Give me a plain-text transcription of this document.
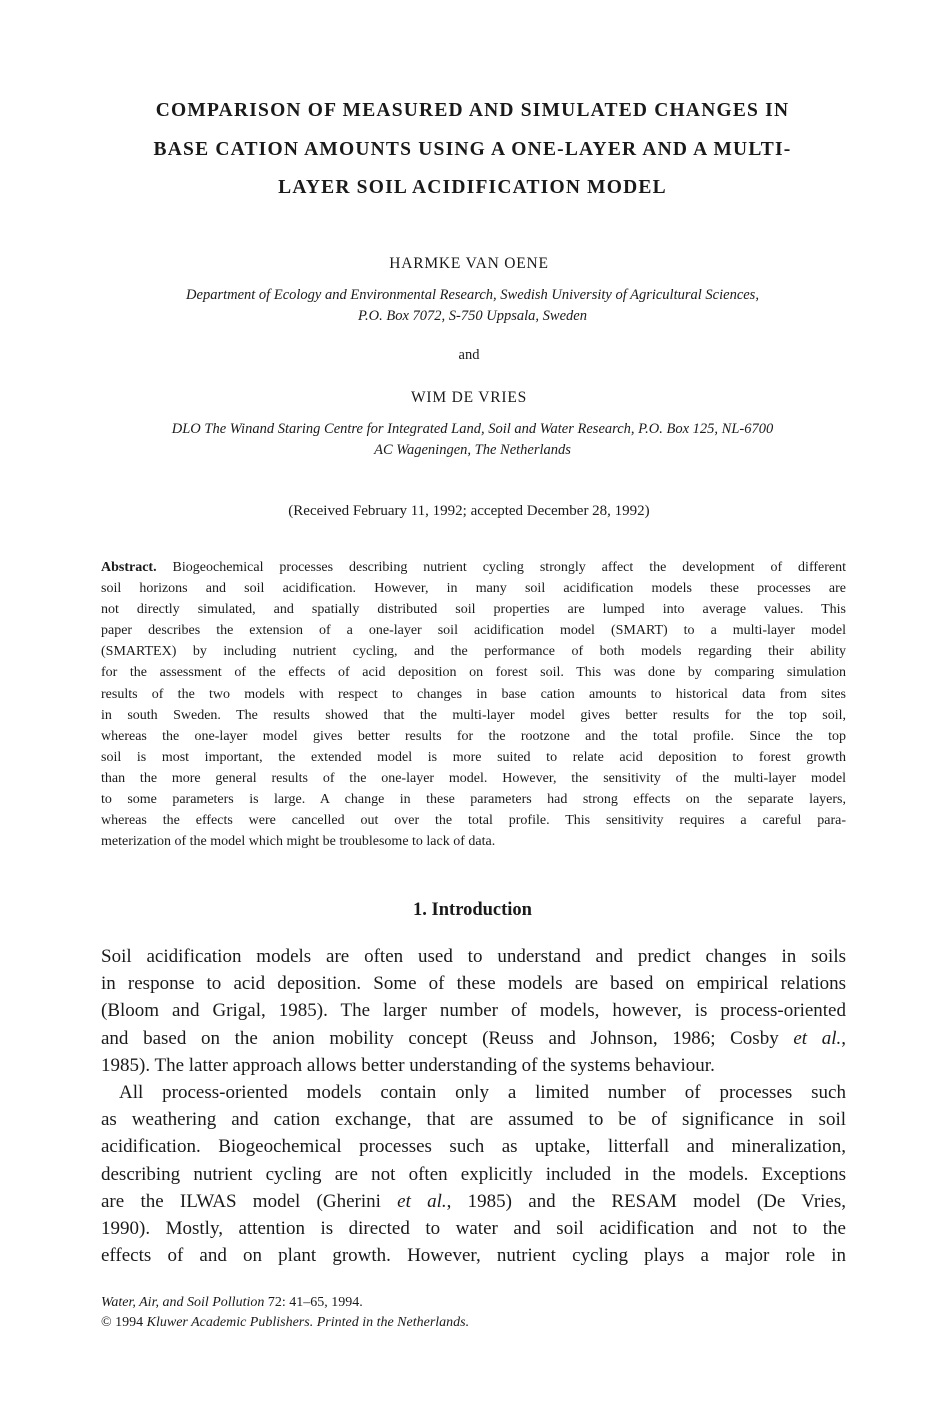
COMPARISON OF MEASURED AND SIMULATED CHANGES IN
BASE CATION AMOUNTS USING A ONE-LAYER AND A MULTI-
LAYER SOIL ACIDIFICATION MODEL
HARMKE VAN OENE
Department of Ecology and Environmental Research, Swedish University of Agricultural Sciences,
P.O. Box 7072, S-750 Uppsala, Sweden
and
WIM DE VRIES
DLO The Winand Staring Centre for Integrated Land, Soil and Water Research, P.O. Box 125, NL-6700
AC Wageningen, The Netherlands
(Received February 11, 1992; accepted December 28, 1992)
Abstract. Biogeochemical processes describing nutrient cycling strongly affect the development of different
soil horizons and soil acidification. However, in many soil acidification models these processes are
not directly simulated, and spatially distributed soil properties are lumped into average values. This
paper describes the extension of a one-layer soil acidification model (SMART) to a multi-layer model
(SMARTEX) by including nutrient cycling, and the performance of both models regarding their ability
for the assessment of the effects of acid deposition on forest soil. This was done by comparing simulation
results of the two models with respect to changes in base cation amounts to historical data from sites
in south Sweden. The results showed that the multi-layer model gives better results for the top soil,
whereas the one-layer model gives better results for the rootzone and the total profile. Since the top
soil is most important, the extended model is more suited to relate acid deposition to forest growth
than the more general results of the one-layer model. However, the sensitivity of the multi-layer model
to some parameters is large. A change in these parameters had strong effects on the separate layers,
whereas the effects were cancelled out over the total profile. This sensitivity requires a careful para-
meterization of the model which might be troublesome to lack of data.
1. Introduction
Soil acidification models are often used to understand and predict changes in soils
in response to acid deposition. Some of these models are based on empirical relations
(Bloom and Grigal, 1985). The larger number of models, however, is process-oriented
and based on the anion mobility concept (Reuss and Johnson, 1986; Cosby et al.,
1985). The latter approach allows better understanding of the systems behaviour.
All process-oriented models contain only a limited number of processes such
as weathering and cation exchange, that are assumed to be of significance in soil
acidification. Biogeochemical processes such as uptake, litterfall and mineralization,
describing nutrient cycling are not often explicitly included in the models. Exceptions
are the ILWAS model (Gherini et al., 1985) and the RESAM model (De Vries,
1990). Mostly, attention is directed to water and soil acidification and not to the
effects of and on plant growth. However, nutrient cycling plays a major role in
Water, Air, and Soil Pollution 72: 41–65, 1994.
© 1994 Kluwer Academic Publishers. Printed in the Netherlands.
